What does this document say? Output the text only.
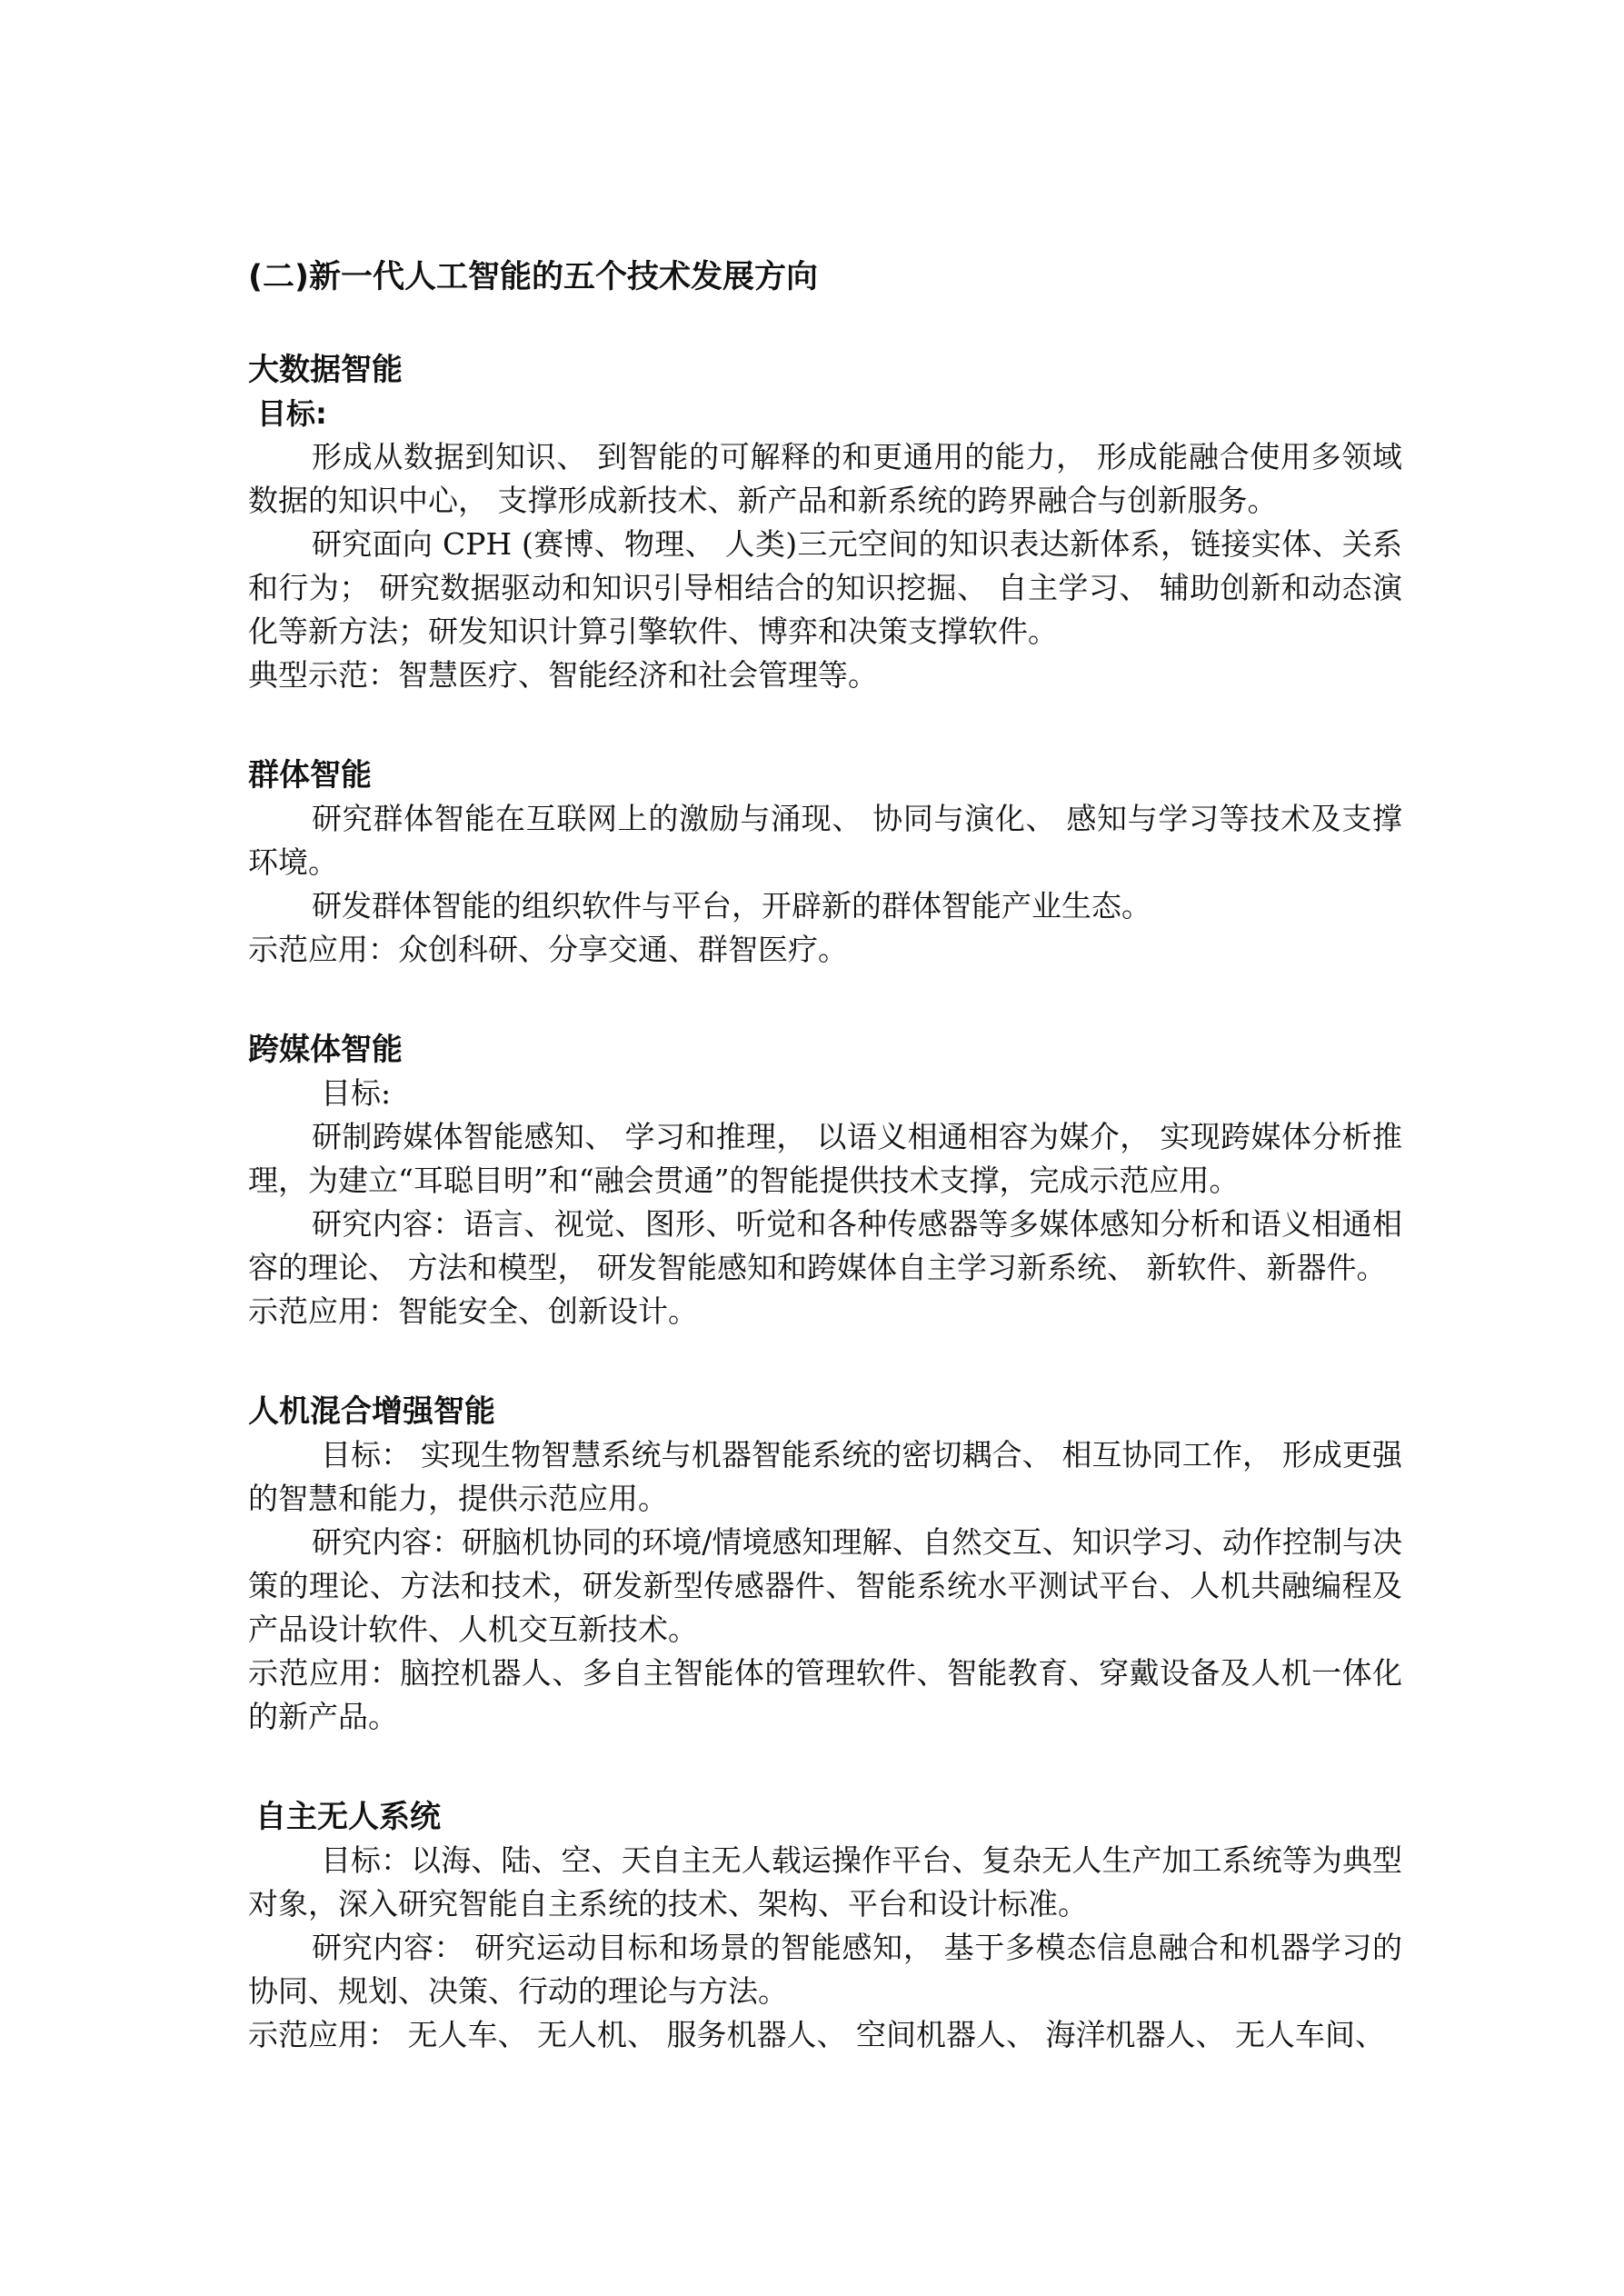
(二)新一代人工智能的五个技术发展方向
大数据智能
目标:

形成从数据到知识、 到智能的可解释的和更通用的能力， 形成能融合使用多领域数据的知识中心， 支撑形成新技术、新产品和新系统的跨界融合与创新服务。

研究面向 CPH (赛博、物理、 人类)三元空间的知识表达新体系，链接实体、关系和行为； 研究数据驱动和知识引导相结合的知识挖掘、 自主学习、 辅助创新和动态演化等新方法；研发知识计算引擎软件、博弈和决策支撑软件。

典型示范：智慧医疗、智能经济和社会管理等。

群体智能

研究群体智能在互联网上的激励与涌现、 协同与演化、 感知与学习等技术及支撑环境。

研发群体智能的组织软件与平台，开辟新的群体智能产业生态。

示范应用：众创科研、分享交通、群智医疗。

跨媒体智能
目标:

研制跨媒体智能感知、 学习和推理， 以语义相通相容为媒介， 实现跨媒体分析推理，为建立“耳聪目明”和“融会贯通”的智能提供技术支撑，完成示范应用。

研究内容：语言、视觉、图形、听觉和各种传感器等多媒体感知分析和语义相通相容的理论、 方法和模型， 研发智能感知和跨媒体自主学习新系统、 新软件、新器件。

示范应用：智能安全、创新设计。

人机混合增强智能

目标： 实现生物智慧系统与机器智能系统的密切耦合、 相互协同工作， 形成更强的智慧和能力，提供示范应用。

研究内容：研脑机协同的环境/情境感知理解、自然交互、知识学习、动作控制与决策的理论、方法和技术，研发新型传感器件、智能系统水平测试平台、人机共融编程及产品设计软件、人机交互新技术。

示范应用：脑控机器人、多自主智能体的管理软件、智能教育、穿戴设备及人机一体化的新产品。

自主无人系统

目标：以海、陆、空、天自主无人载运操作平台、复杂无人生产加工系统等为典型对象，深入研究智能自主系统的技术、架构、平台和设计标准。

研究内容： 研究运动目标和场景的智能感知， 基于多模态信息融合和机器学习的协同、规划、决策、行动的理论与方法。

示范应用： 无人车、 无人机、 服务机器人、 空间机器人、 海洋机器人、 无人车间、
